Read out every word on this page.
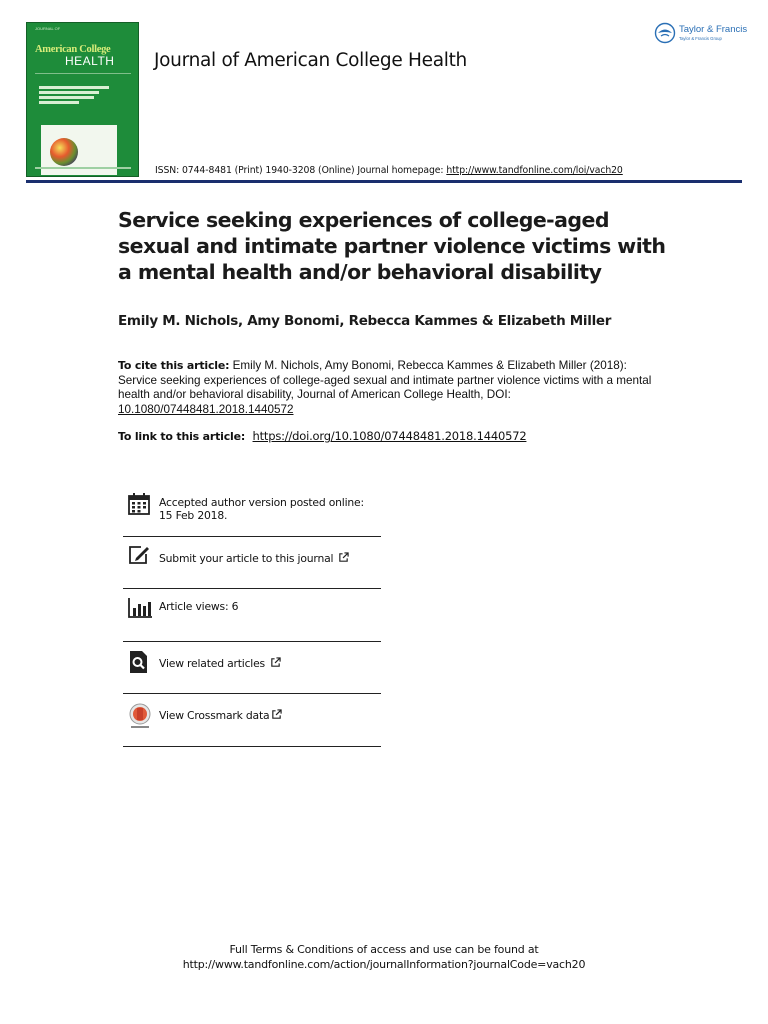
JOURNAL OF
American College
HEALTH Journal of American College Health
ISSN: 0744-8481 (Print) 1940-3208 (Online) Journal homepage: http://www.tandfonline.com/loi/vach20
Taylor & Francis
Taylor & Francis Group
Service seeking experiences of college-aged sexual and intimate partner violence victims with a mental health and/or behavioral disability
Emily M. Nichols, Amy Bonomi, Rebecca Kammes & Elizabeth Miller
To cite this article: Emily M. Nichols, Amy Bonomi, Rebecca Kammes & Elizabeth Miller (2018): Service seeking experiences of college-aged sexual and intimate partner violence victims with a mental health and/or behavioral disability, Journal of American College Health, DOI: 10.1080/07448481.2018.1440572
To link to this article: https://doi.org/10.1080/07448481.2018.1440572
Accepted author version posted online: 15 Feb 2018.
Submit your article to this journal
Article views: 6
View related articles
View Crossmark data
Full Terms & Conditions of access and use can be found at
http://www.tandfonline.com/action/journalInformation?journalCode=vach20
